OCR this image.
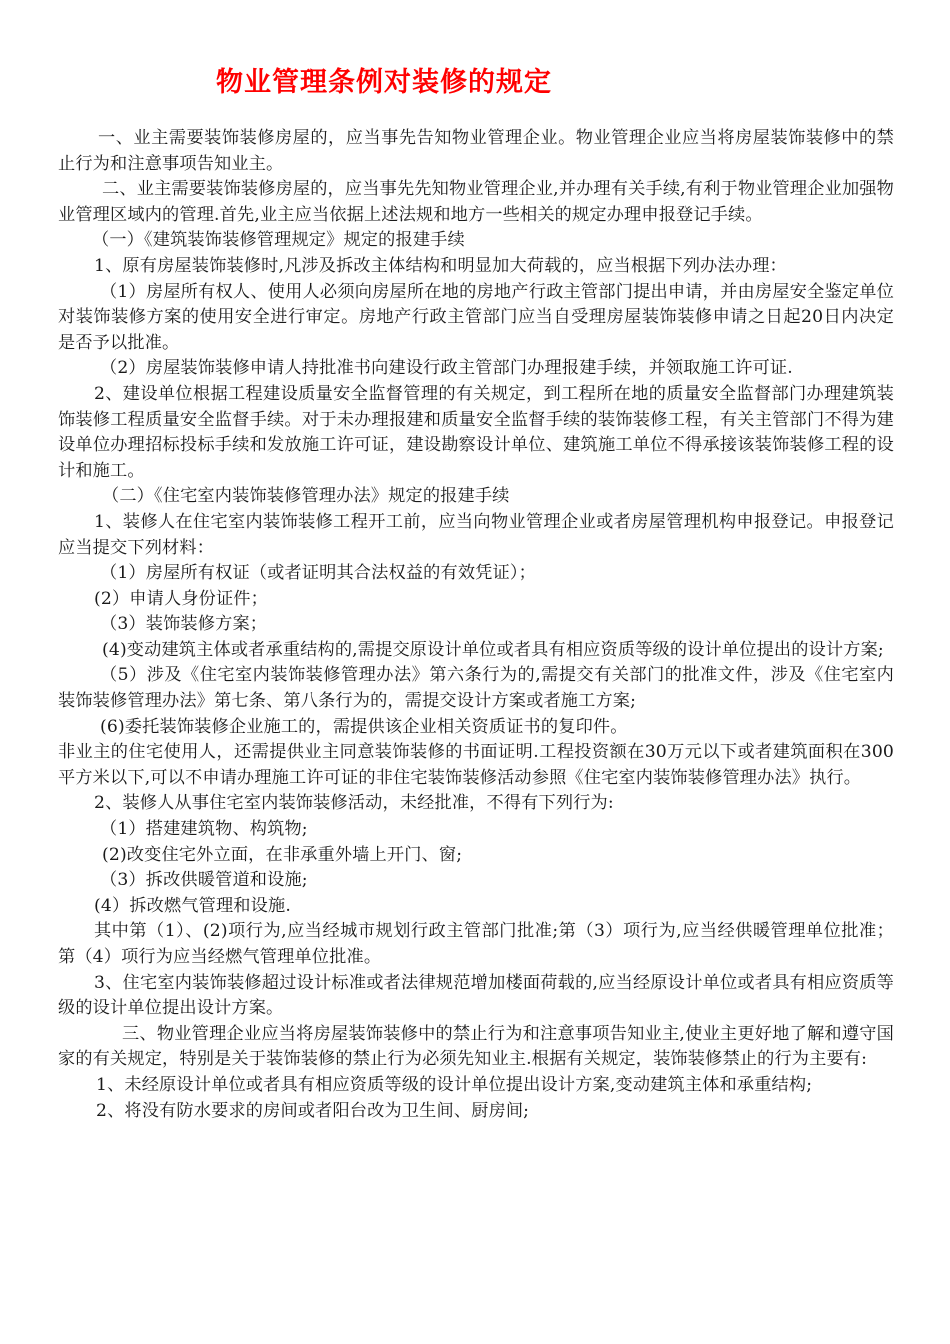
物业管理条例对装修的规定

一、业主需要装饰装修房屋的，应当事先告知物业管理企业。物业管理企业应当将房屋装饰装修中的禁止行为和注意事项告知业主。

二、业主需要装饰装修房屋的，应当事先先知物业管理企业,并办理有关手续,有利于物业管理企业加强物业管理区域内的管理.首先,业主应当依据上述法规和地方一些相关的规定办理申报登记手续。

（一）《建筑装饰装修管理规定》规定的报建手续

1、原有房屋装饰装修时,凡涉及拆改主体结构和明显加大荷载的，应当根据下列办法办理：

（1）房屋所有权人、使用人必须向房屋所在地的房地产行政主管部门提出申请，并由房屋安全鉴定单位对装饰装修方案的使用安全进行审定。房地产行政主管部门应当自受理房屋装饰装修申请之日起20日内决定是否予以批准。

（2）房屋装饰装修申请人持批准书向建设行政主管部门办理报建手续，并领取施工许可证.

2、建设单位根据工程建设质量安全监督管理的有关规定，到工程所在地的质量安全监督部门办理建筑装饰装修工程质量安全监督手续。对于未办理报建和质量安全监督手续的装饰装修工程，有关主管部门不得为建设单位办理招标投标手续和发放施工许可证，建设勘察设计单位、建筑施工单位不得承接该装饰装修工程的设计和施工。

（二）《住宅室内装饰装修管理办法》规定的报建手续

1、装修人在住宅室内装饰装修工程开工前，应当向物业管理企业或者房屋管理机构申报登记。申报登记应当提交下列材料：

（1）房屋所有权证（或者证明其合法权益的有效凭证）；

(2）申请人身份证件；

（3）装饰装修方案；

(4)变动建筑主体或者承重结构的,需提交原设计单位或者具有相应资质等级的设计单位提出的设计方案;

（5）涉及《住宅室内装饰装修管理办法》第六条行为的,需提交有关部门的批准文件，涉及《住宅室内装饰装修管理办法》第七条、第八条行为的，需提交设计方案或者施工方案;

(6)委托装饰装修企业施工的，需提供该企业相关资质证书的复印件。

非业主的住宅使用人，还需提供业主同意装饰装修的书面证明.工程投资额在30万元以下或者建筑面积在300平方米以下,可以不申请办理施工许可证的非住宅装饰装修活动参照《住宅室内装饰装修管理办法》执行。

2、装修人从事住宅室内装饰装修活动，未经批准，不得有下列行为:

（1）搭建建筑物、构筑物;

(2)改变住宅外立面，在非承重外墙上开门、窗;

（3）拆改供暖管道和设施;

(4）拆改燃气管理和设施.

其中第（1）、(2)项行为,应当经城市规划行政主管部门批准;第（3）项行为,应当经供暖管理单位批准；第（4）项行为应当经燃气管理单位批准。

3、住宅室内装饰装修超过设计标准或者法律规范增加楼面荷载的,应当经原设计单位或者具有相应资质等级的设计单位提出设计方案。

三、物业管理企业应当将房屋装饰装修中的禁止行为和注意事项告知业主,使业主更好地了解和遵守国家的有关规定，特别是关于装饰装修的禁止行为必须先知业主.根据有关规定，装饰装修禁止的行为主要有:

1、未经原设计单位或者具有相应资质等级的设计单位提出设计方案,变动建筑主体和承重结构;

2、将没有防水要求的房间或者阳台改为卫生间、厨房间;
